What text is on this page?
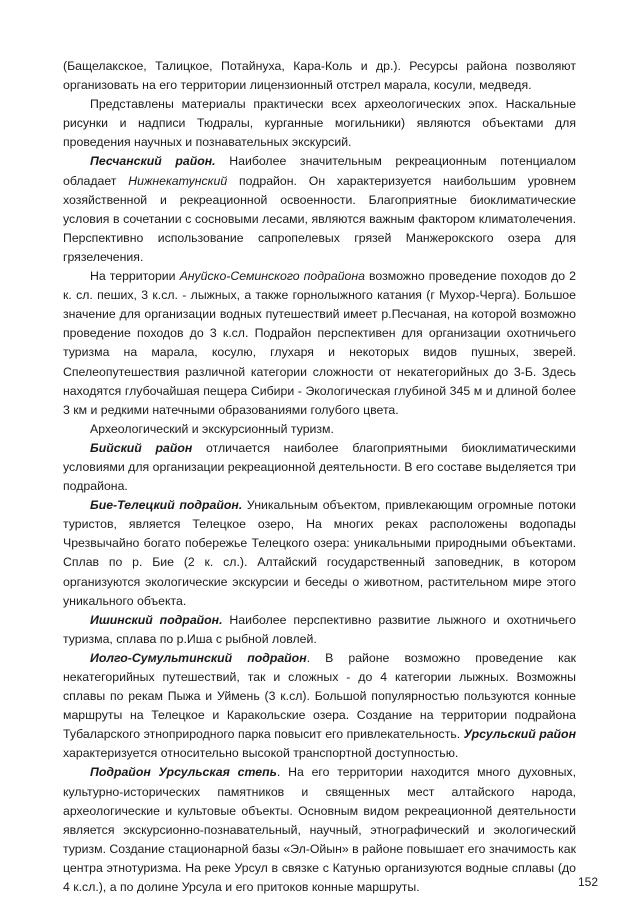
(Бащелакское, Талицкое, Потайнуха, Кара-Коль и др.). Ресурсы района позволяют организовать на его территории лицензионный отстрел марала, косули, медведя.

Представлены материалы практически всех археологических эпох. Наскальные рисунки и надписи Тюдралы, курганные могильники) являются объектами для проведения научных и познавательных экскурсий.

Песчанский район. Наиболее значительным рекреационным потенциалом обладает Нижнекатунский подрайон. Он характеризуется наибольшим уровнем хозяйственной и рекреационной освоенности. Благоприятные биоклиматические условия в сочетании с сосновыми лесами, являются важным фактором климатолечения. Перспективно использование сапропелевых грязей Манжерокского озера для грязелечения.

На территории Ануйско-Семинского подрайона возможно проведение походов до 2 к. сл. пеших, 3 к.сл. - лыжных, а также горнолыжного катания (г Мухор-Черга). Большое значение для организации водных путешествий имеет р.Песчаная, на которой возможно проведение походов до 3 к.сл. Подрайон перспективен для организации охотничьего туризма на марала, косулю, глухаря и некоторых видов пушных, зверей. Спелеопутешествия различной категории сложности от некатегорийных до 3-Б. Здесь находятся глубочайшая пещера Сибири - Экологическая глубиной 345 м и длиной более 3 км и редкими натечными образованиями голубого цвета.

Археологический и экскурсионный туризм.

Бийский район отличается наиболее благоприятными биоклиматическими условиями для организации рекреационной деятельности. В его составе выделяется три подрайона.

Бие-Телецкий подрайон. Уникальным объектом, привлекающим огромные потоки туристов, является Телецкое озеро, На многих реках расположены водопады Чрезвычайно богато побережье Телецкого озера: уникальными природными объектами. Сплав по р. Бие (2 к. сл.). Алтайский государственный заповедник, в котором организуются экологические экскурсии и беседы о животном, растительном мире этого уникального объекта.

Ишинский подрайон. Наиболее перспективно развитие лыжного и охотничьего туризма, сплава по р.Иша с рыбной ловлей.

Иолго-Сумультинский подрайон. В районе возможно проведение как некатегорийных путешествий, так и сложных - до 4 категории лыжных. Возможны сплавы по рекам Пыжа и Уймень (3 к.сл). Большой популярностью пользуются конные маршруты на Телецкое и Каракольские озера. Создание на территории подрайона Тубаларского этноприродного парка повысит его привлекательность. Урсульский район характеризуется относительно высокой транспортной доступностью.

Подрайон Урсульская степь. На его территории находится много духовных, культурно-исторических памятников и священных мест алтайского народа, археологические и культовые объекты. Основным видом рекреационной деятельности является экскурсионно-познавательный, научный, этнографический и экологический туризм. Создание стационарной базы «Эл-Ойын» в районе повышает его значимость как центра этнотуризма. На реке Урсул в связке с Катунью организуются водные сплавы (до 4 к.сл.), а по долине Урсула и его притоков конные маршруты.	152
